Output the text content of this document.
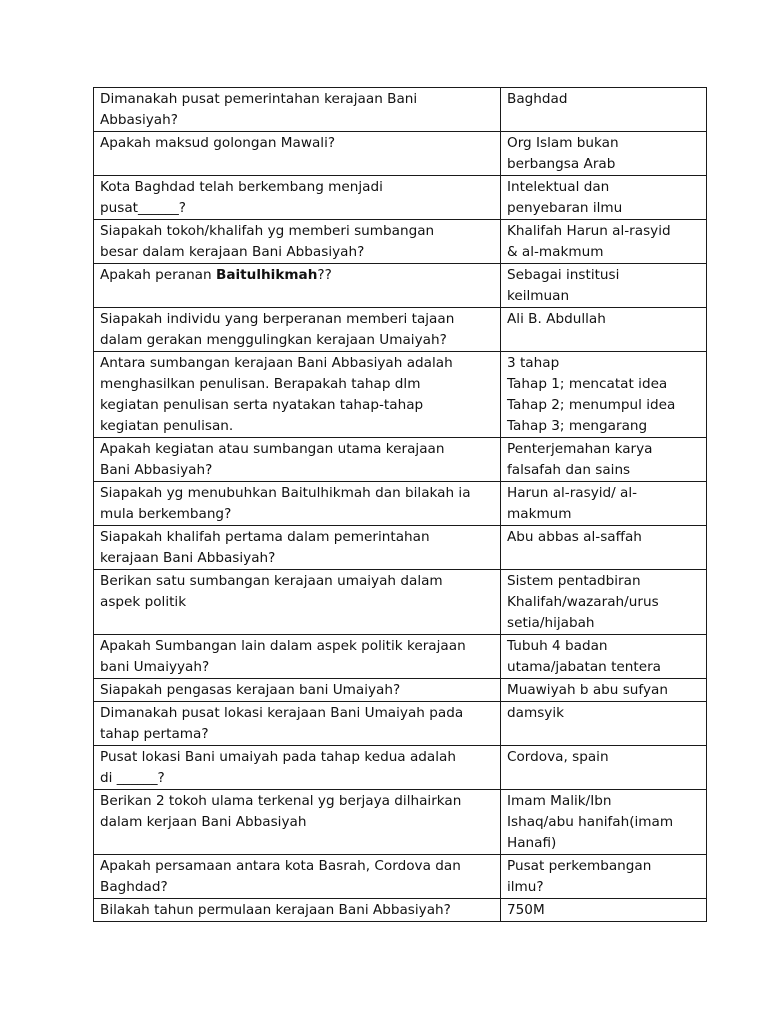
Dimanakah pusat pemerintahan kerajaan Bani
Abbasiyah?	Baghdad

Apakah maksud golongan Mawali?	Org Islam bukan
berbangsa Arab

Kota Baghdad telah berkembang menjadi
pusat______?	Intelektual dan
penyebaran ilmu

Siapakah tokoh/khalifah yg memberi sumbangan
besar dalam kerajaan Bani Abbasiyah?	Khalifah Harun al-rasyid
& al-makmum

Apakah peranan Baitulhikmah??	Sebagai institusi
keilmuan

Siapakah individu yang berperanan memberi tajaan
dalam gerakan menggulingkan kerajaan Umaiyah?	Ali B. Abdullah

Antara sumbangan kerajaan Bani Abbasiyah adalah
menghasilkan penulisan. Berapakah tahap dlm
kegiatan penulisan serta nyatakan tahap-tahap
kegiatan penulisan.	3 tahap
Tahap 1; mencatat idea
Tahap 2; menumpul idea
Tahap 3; mengarang

Apakah kegiatan atau sumbangan utama kerajaan
Bani Abbasiyah?	Penterjemahan karya
falsafah dan sains

Siapakah yg menubuhkan Baitulhikmah dan bilakah ia
mula berkembang?	Harun al-rasyid/ al-
makmum

Siapakah khalifah pertama dalam pemerintahan
kerajaan Bani Abbasiyah?	Abu abbas al-saffah

Berikan satu sumbangan kerajaan umaiyah dalam
aspek politik	Sistem pentadbiran
Khalifah/wazarah/urus
setia/hijabah

Apakah Sumbangan lain dalam aspek politik kerajaan
bani Umaiyyah?	Tubuh 4 badan
utama/jabatan tentera

Siapakah pengasas kerajaan bani Umaiyah?	Muawiyah b abu sufyan

Dimanakah pusat lokasi kerajaan Bani Umaiyah pada
tahap pertama?	damsyik

Pusat lokasi Bani umaiyah pada tahap kedua adalah
di ______?	Cordova, spain

Berikan 2 tokoh ulama terkenal yg berjaya dilhairkan
dalam kerjaan Bani Abbasiyah	Imam Malik/Ibn
Ishaq/abu hanifah(imam
Hanafi)

Apakah persamaan antara kota Basrah, Cordova dan
Baghdad?	Pusat perkembangan
ilmu?

Bilakah tahun permulaan kerajaan Bani Abbasiyah?	750M
